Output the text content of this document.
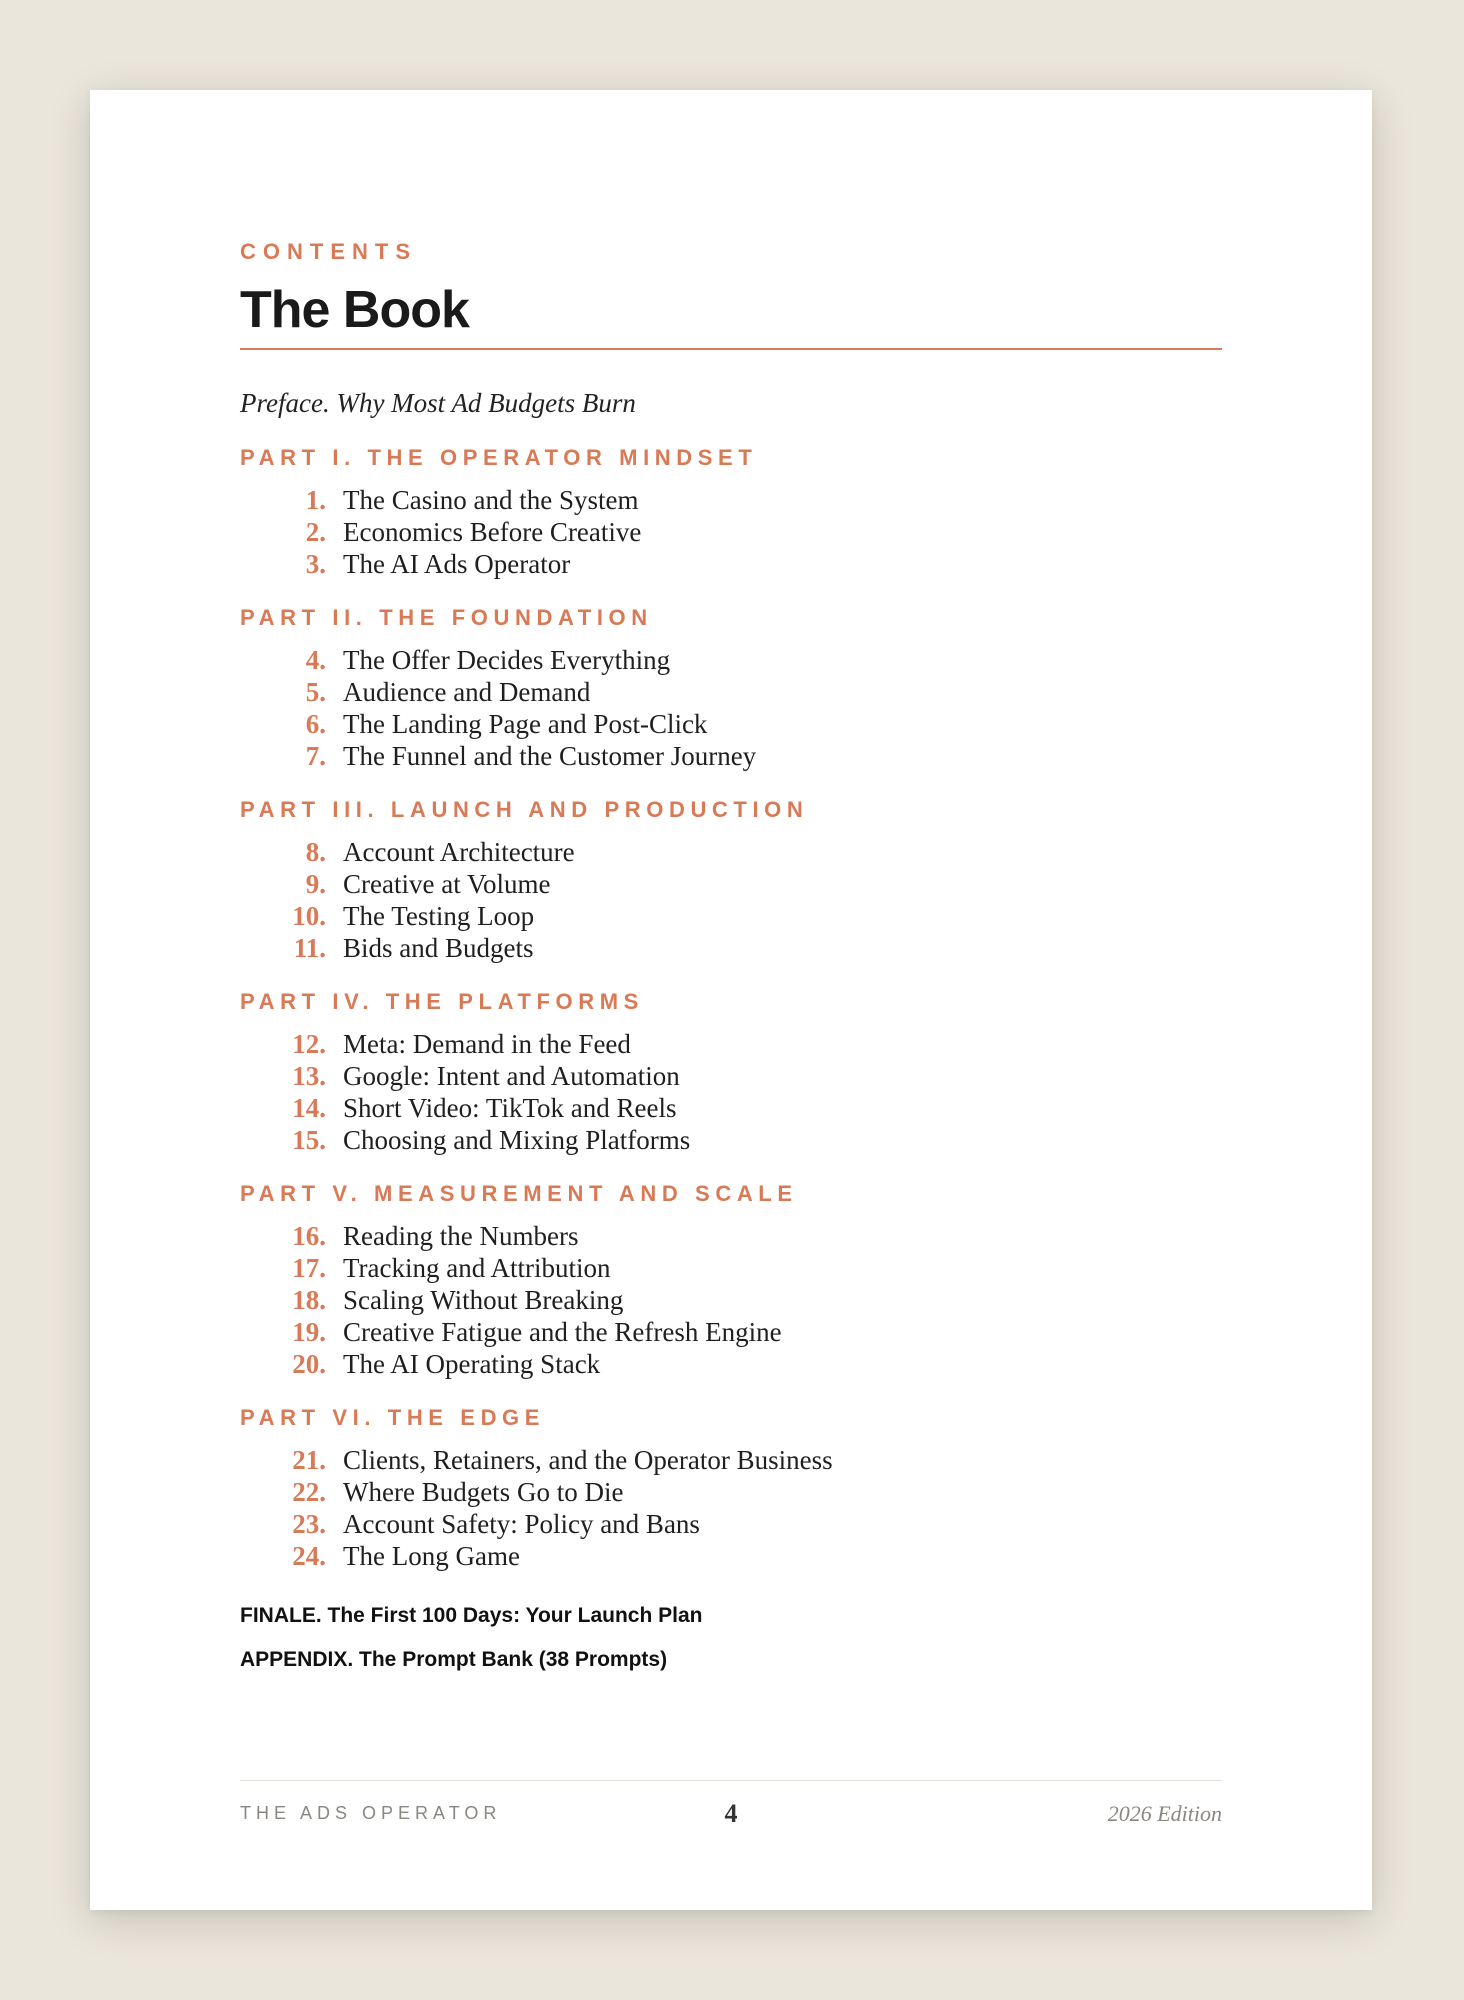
CONTENTS
The Book
Preface. Why Most Ad Budgets Burn
PART I. THE OPERATOR MINDSET
1. The Casino and the System
2. Economics Before Creative
3. The AI Ads Operator
PART II. THE FOUNDATION
4. The Offer Decides Everything
5. Audience and Demand
6. The Landing Page and Post-Click
7. The Funnel and the Customer Journey
PART III. LAUNCH AND PRODUCTION
8. Account Architecture
9. Creative at Volume
10. The Testing Loop
11. Bids and Budgets
PART IV. THE PLATFORMS
12. Meta: Demand in the Feed
13. Google: Intent and Automation
14. Short Video: TikTok and Reels
15. Choosing and Mixing Platforms
PART V. MEASUREMENT AND SCALE
16. Reading the Numbers
17. Tracking and Attribution
18. Scaling Without Breaking
19. Creative Fatigue and the Refresh Engine
20. The AI Operating Stack
PART VI. THE EDGE
21. Clients, Retainers, and the Operator Business
22. Where Budgets Go to Die
23. Account Safety: Policy and Bans
24. The Long Game
FINALE. The First 100 Days: Your Launch Plan
APPENDIX. The Prompt Bank (38 Prompts)
THE ADS OPERATOR	4	2026 Edition
